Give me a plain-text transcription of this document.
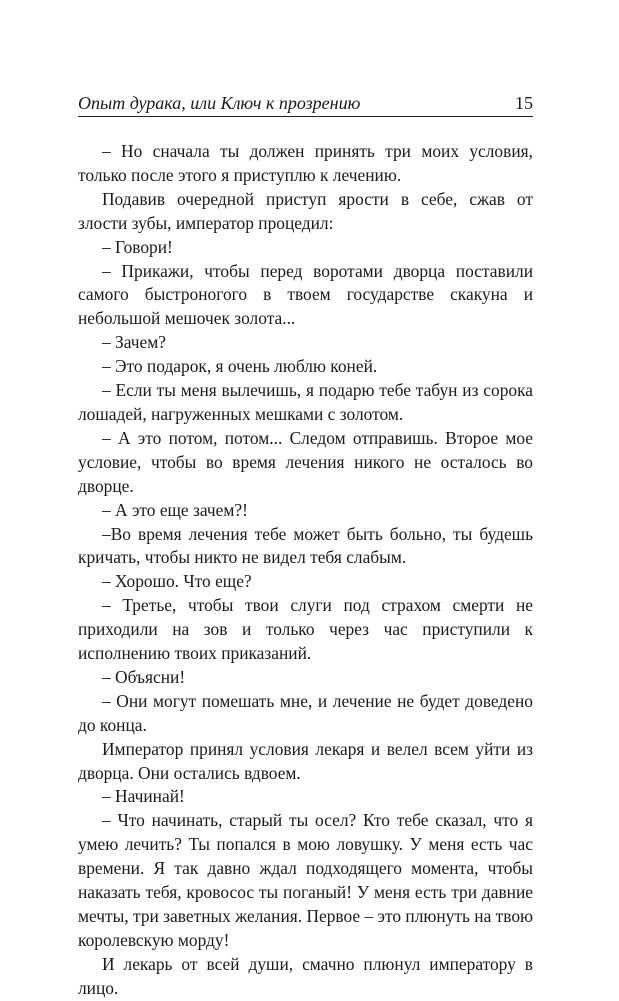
Опыт дурака, или Ключ к прозрению	15

– Но сначала ты должен принять три моих условия, только после этого я приступлю к лечению.

Подавив очередной приступ ярости в себе, сжав от злости зубы, император процедил:

– Говори!

– Прикажи, чтобы перед воротами дворца поставили самого быстроногого в твоем государстве скакуна и небольшой мешочек золота...

– Зачем?

– Это подарок, я очень люблю коней.

– Если ты меня вылечишь, я подарю тебе табун из сорока лошадей, нагруженных мешками с золотом.

– А это потом, потом... Следом отправишь. Второе мое условие, чтобы во время лечения никого не осталось во дворце.

– А это еще зачем?!

–Во время лечения тебе может быть больно, ты будешь кричать, чтобы никто не видел тебя слабым.

– Хорошо. Что еще?

– Третье, чтобы твои слуги под страхом смерти не приходили на зов и только через час приступили к исполнению твоих приказаний.

– Объясни!

– Они могут помешать мне, и лечение не будет доведено до конца.

Император принял условия лекаря и велел всем уйти из дворца. Они остались вдвоем.

– Начинай!

– Что начинать, старый ты осел? Кто тебе сказал, что я умею лечить? Ты попался в мою ловушку. У меня есть час времени. Я так давно ждал подходящего момента, чтобы наказать тебя, кровосос ты поганый! У меня есть три давние мечты, три заветных желания. Первое – это плюнуть на твою королевскую морду!

И лекарь от всей души, смачно плюнул императору в лицо.
